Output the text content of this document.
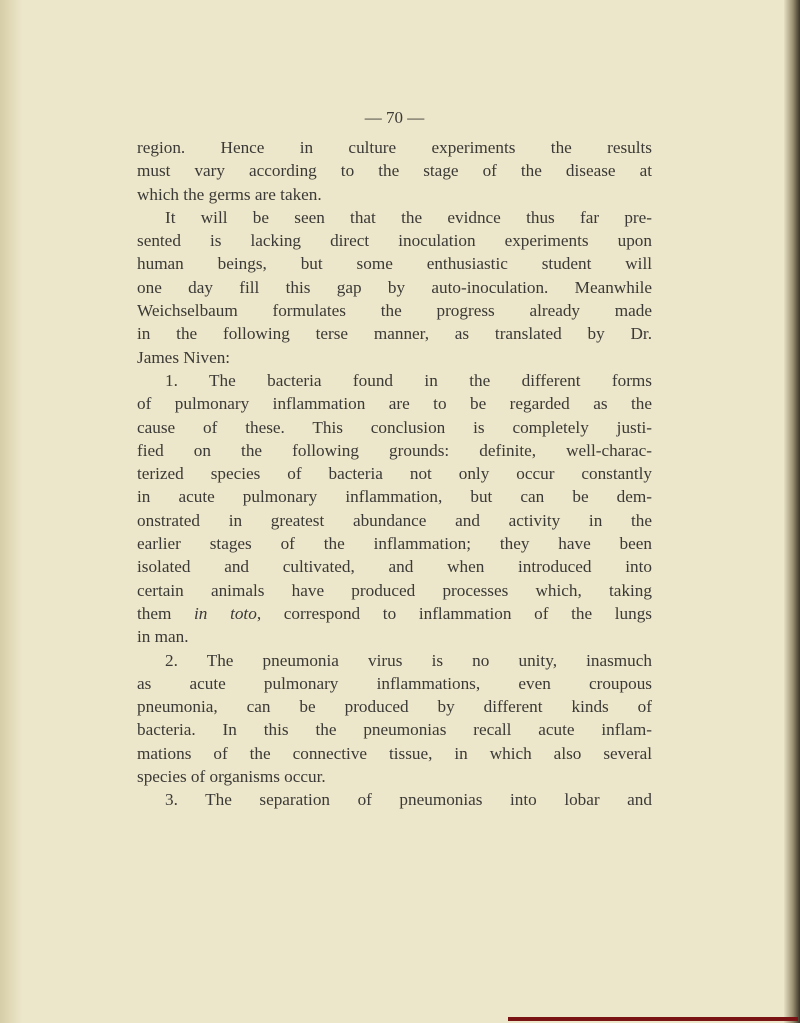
— 70 —
region. Hence in culture experiments the results
must vary according to the stage of the disease at
which the germs are taken.
It will be seen that the evidnce thus far pre-
sented is lacking direct inoculation experiments upon
human beings, but some enthusiastic student will
one day fill this gap by auto-inoculation. Meanwhile
Weichselbaum formulates the progress already made
in the following terse manner, as translated by Dr.
James Niven:
1. The bacteria found in the different forms
of pulmonary inflammation are to be regarded as the
cause of these. This conclusion is completely justi-
fied on the following grounds: definite, well-charac-
terized species of bacteria not only occur constantly
in acute pulmonary inflammation, but can be dem-
onstrated in greatest abundance and activity in the
earlier stages of the inflammation; they have been
isolated and cultivated, and when introduced into
certain animals have produced processes which, taking
them in toto, correspond to inflammation of the lungs
in man.
2. The pneumonia virus is no unity, inasmuch
as acute pulmonary inflammations, even croupous
pneumonia, can be produced by different kinds of
bacteria. In this the pneumonias recall acute inflam-
mations of the connective tissue, in which also several
species of organisms occur.
3. The separation of pneumonias into lobar and
